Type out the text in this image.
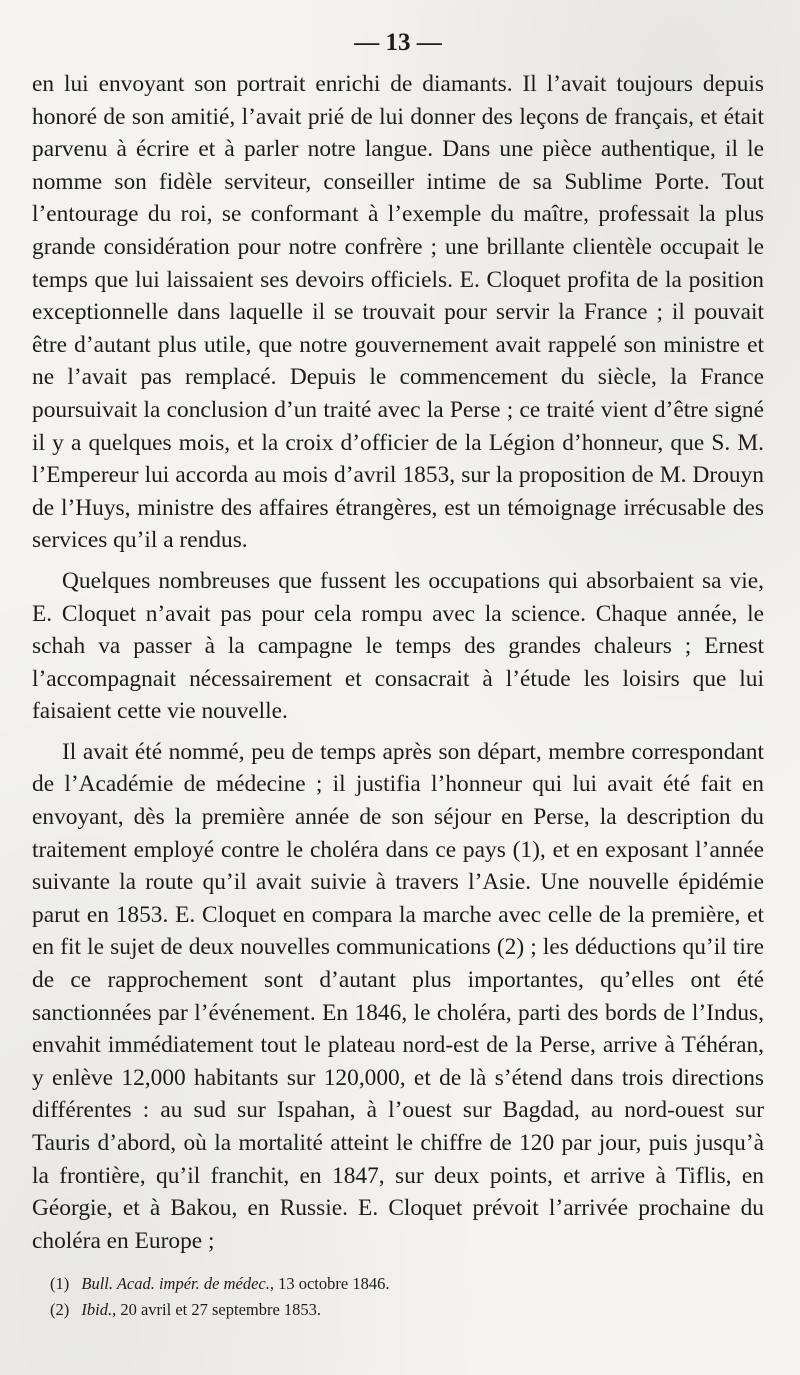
— 13 —

en lui envoyant son portrait enrichi de diamants. Il l’avait toujours depuis honoré de son amitié, l’avait prié de lui donner des leçons de français, et était parvenu à écrire et à parler notre langue. Dans une pièce authentique, il le nomme son fidèle serviteur, conseiller intime de sa Sublime Porte. Tout l’entourage du roi, se conformant à l’exemple du maître, professait la plus grande considération pour notre confrère ; une brillante clientèle occupait le temps que lui laissaient ses devoirs officiels. E. Cloquet profita de la position exceptionnelle dans laquelle il se trouvait pour servir la France ; il pouvait être d’autant plus utile, que notre gouvernement avait rappelé son ministre et ne l’avait pas remplacé. Depuis le commencement du siècle, la France poursuivait la conclusion d’un traité avec la Perse ; ce traité vient d’être signé il y a quelques mois, et la croix d’officier de la Légion d’honneur, que S. M. l’Empereur lui accorda au mois d’avril 1853, sur la proposition de M. Drouyn de l’Huys, ministre des affaires étrangères, est un témoignage irrécusable des services qu’il a rendus.

Quelques nombreuses que fussent les occupations qui absorbaient sa vie, E. Cloquet n’avait pas pour cela rompu avec la science. Chaque année, le schah va passer à la campagne le temps des grandes chaleurs ; Ernest l’accompagnait nécessairement et consacrait à l’étude les loisirs que lui faisaient cette vie nouvelle.

Il avait été nommé, peu de temps après son départ, membre correspondant de l’Académie de médecine ; il justifia l’honneur qui lui avait été fait en envoyant, dès la première année de son séjour en Perse, la description du traitement employé contre le choléra dans ce pays (1), et en exposant l’année suivante la route qu’il avait suivie à travers l’Asie. Une nouvelle épidémie parut en 1853. E. Cloquet en compara la marche avec celle de la première, et en fit le sujet de deux nouvelles communications (2) ; les déductions qu’il tire de ce rapprochement sont d’autant plus importantes, qu’elles ont été sanctionnées par l’événement. En 1846, le choléra, parti des bords de l’Indus, envahit immédiatement tout le plateau nord-est de la Perse, arrive à Téhéran, y enlève 12,000 habitants sur 120,000, et de là s’étend dans trois directions différentes : au sud sur Ispahan, à l’ouest sur Bagdad, au nord-ouest sur Tauris d’abord, où la mortalité atteint le chiffre de 120 par jour, puis jusqu’à la frontière, qu’il franchit, en 1847, sur deux points, et arrive à Tiflis, en Géorgie, et à Bakou, en Russie. E. Cloquet prévoit l’arrivée prochaine du choléra en Europe ;

(1) Bull. Acad. impér. de médec., 13 octobre 1846.
(2) Ibid., 20 avril et 27 septembre 1853.
